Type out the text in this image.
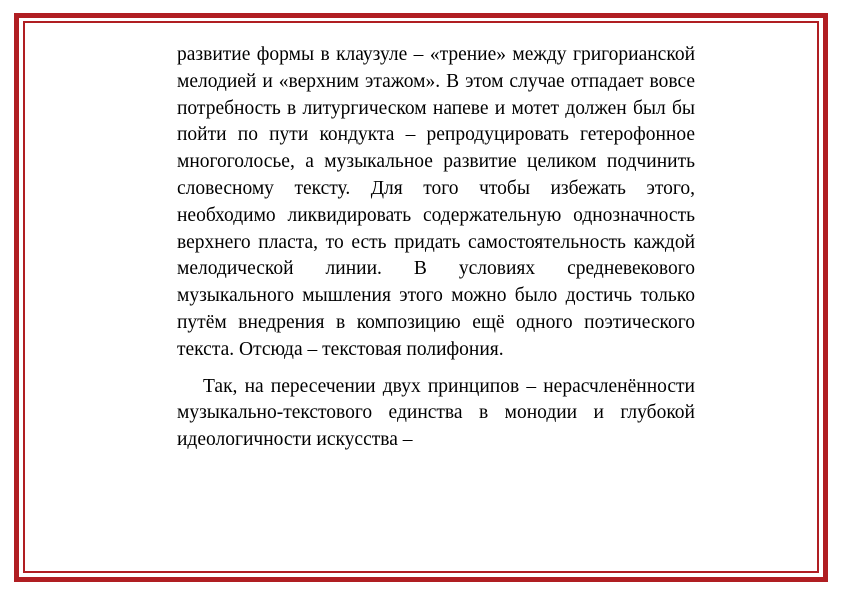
развитие формы в клаузуле – «трение» между григорианской мелодией и «верхним этажом». В этом случае отпадает вовсе потребность в литургическом напеве и мотет должен был бы пойти по пути кондукта – репродуцировать гетерофонное многоголосье, а музыкальное развитие целиком подчинить словесному тексту. Для того чтобы избежать этого, необходимо ликвидировать содержательную однозначность верхнего пласта, то есть придать самостоятельность каждой мелодической линии. В условиях средневекового музыкального мышления этого можно было достичь только путём внедрения в композицию ещё одного поэтического текста. Отсюда – текстовая полифония.

Так, на пересечении двух принципов – нерасчленённости музыкально-текстового единства в монодии и глубокой идеологичности искусства –
